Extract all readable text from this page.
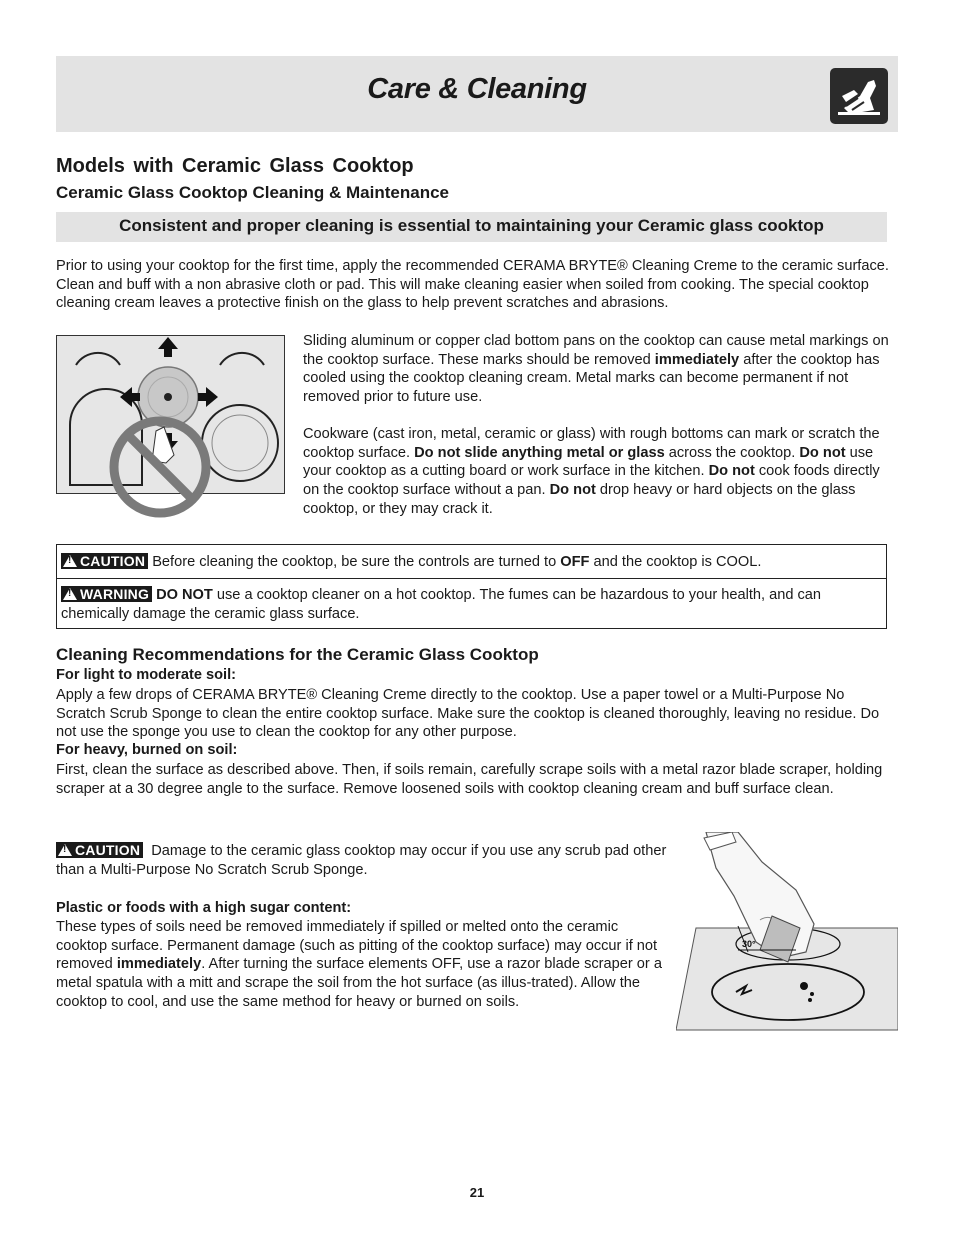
Care & Cleaning
Models with Ceramic Glass Cooktop
Ceramic Glass Cooktop Cleaning & Maintenance
Consistent and proper cleaning is essential to maintaining your Ceramic glass cooktop
Prior to using your cooktop for the first time, apply the recommended CERAMA BRYTE® Cleaning Creme to the ceramic surface. Clean and buff with a non abrasive cloth or pad. This will make cleaning easier when soiled from cooking. The special cooktop cleaning cream leaves a protective finish on the glass to help prevent scratches and abrasions.
Sliding aluminum or copper clad bottom pans on the cooktop can cause metal markings on the cooktop surface. These marks should be removed immediately after the cooktop has cooled using the cooktop cleaning cream. Metal marks can become permanent if not removed prior to future use.
Cookware (cast iron, metal, ceramic or glass) with rough bottoms can mark or scratch the cooktop surface. Do not slide anything metal or glass across the cooktop. Do not use your cooktop as a cutting board or work surface in the kitchen. Do not cook foods directly on the cooktop surface without a pan. Do not drop heavy or hard objects on the glass cooktop, or they may crack it.
!CAUTION Before cleaning the cooktop, be sure the controls are turned to OFF and the cooktop is COOL.
!WARNING DO NOT use a cooktop cleaner on a hot cooktop. The fumes can be hazardous to your health, and can chemically damage the ceramic glass surface.
Cleaning Recommendations for the Ceramic Glass Cooktop
For light to moderate soil:
Apply a few drops of CERAMA BRYTE® Cleaning Creme directly to the cooktop. Use a paper towel or a Multi-Purpose No Scratch Scrub Sponge to clean the entire cooktop surface. Make sure the cooktop is cleaned thoroughly, leaving no residue. Do not use the sponge you use to clean the cooktop for any other purpose.
For heavy, burned on soil:
First, clean the surface as described above. Then, if soils remain, carefully scrape soils with a metal razor blade scraper, holding scraper at a 30 degree angle to the surface. Remove loosened soils with cooktop cleaning cream and buff surface clean.
!CAUTION Damage to the ceramic glass cooktop may occur if you use any scrub pad other than a Multi-Purpose No Scratch Scrub Sponge.
Plastic or foods with a high sugar content:
These types of soils need be removed immediately if spilled or melted onto the ceramic cooktop surface. Permanent damage (such as pitting of the cooktop surface) may occur if not removed immediately. After turning the surface elements OFF, use a razor blade scraper or a metal spatula with a mitt and scrape the soil from the hot surface (as illus-trated). Allow the cooktop to cool, and use the same method for heavy or burned on soils.
30°
21
